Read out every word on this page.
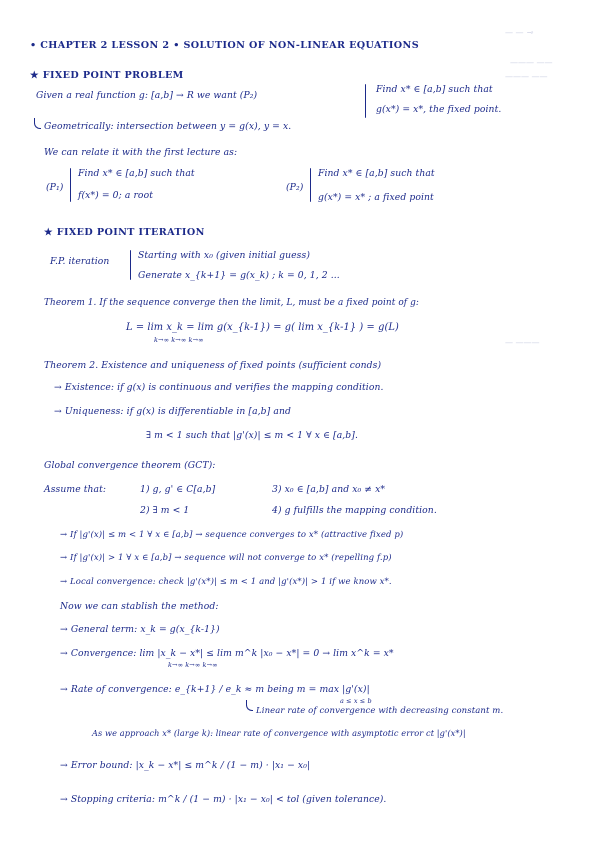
• CHAPTER 2 LESSON 2 • SOLUTION OF NON-LINEAR EQUATIONS
— — ⊸
——— ——
——— ——
— ———
★ FIXED POINT PROBLEM
Given a real function g: [a,b] → R we want (P₂)
Find x* ∈ [a,b] such that
g(x*) = x*, the fixed point.
Geometrically: intersection between y = g(x), y = x.
We can relate it with the first lecture as:
(P₁)
Find x* ∈ [a,b] such that
f(x*) = 0; a root
(P₂)
Find x* ∈ [a,b] such that
g(x*) = x* ; a fixed point
★ FIXED POINT ITERATION
F.P. iteration
Starting with x₀ (given initial guess)
Generate x_{k+1} = g(x_k) ; k = 0, 1, 2 ...
Theorem 1. If the sequence converge then the limit, L, must be a fixed point of g:
L = lim x_k = lim g(x_{k-1}) = g( lim x_{k-1} ) = g(L)
k→∞ k→∞ k→∞
Theorem 2. Existence and uniqueness of fixed points (sufficient conds)
→ Existence: if g(x) is continuous and verifies the mapping condition.
→ Uniqueness: if g(x) is differentiable in [a,b] and
∃ m < 1 such that |g'(x)| ≤ m < 1 ∀ x ∈ [a,b].
Global convergence theorem (GCT):
Assume that:	1) g, g' ∈ C[a,b]
2) ∃ m < 1
3) x₀ ∈ [a,b] and x₀ ≠ x*
4) g fulfills the mapping condition.
→ If |g'(x)| ≤ m < 1 ∀ x ∈ [a,b] → sequence converges to x* (attractive fixed p)
→ If |g'(x)| > 1 ∀ x ∈ [a,b] → sequence will not converge to x* (repelling f.p)
→ Local convergence: check |g'(x*)| ≤ m < 1 and |g'(x*)| > 1 if we know x*.
Now we can stablish the method:
→ General term: x_k = g(x_{k-1})
→ Convergence: lim |x_k − x*| ≤ lim m^k |x₀ − x*| = 0 → lim x^k = x*
k→∞ k→∞ k→∞
→ Rate of convergence: e_{k+1} / e_k ≈ m being m = max |g'(x)|
a ≤ x ≤ b
Linear rate of convergence with decreasing constant m.
As we approach x* (large k): linear rate of convergence with asymptotic error ct |g'(x*)|
→ Error bound: |x_k − x*| ≤ m^k / (1 − m) · |x₁ − x₀|
→ Stopping criteria: m^k / (1 − m) · |x₁ − x₀| < tol (given tolerance).
